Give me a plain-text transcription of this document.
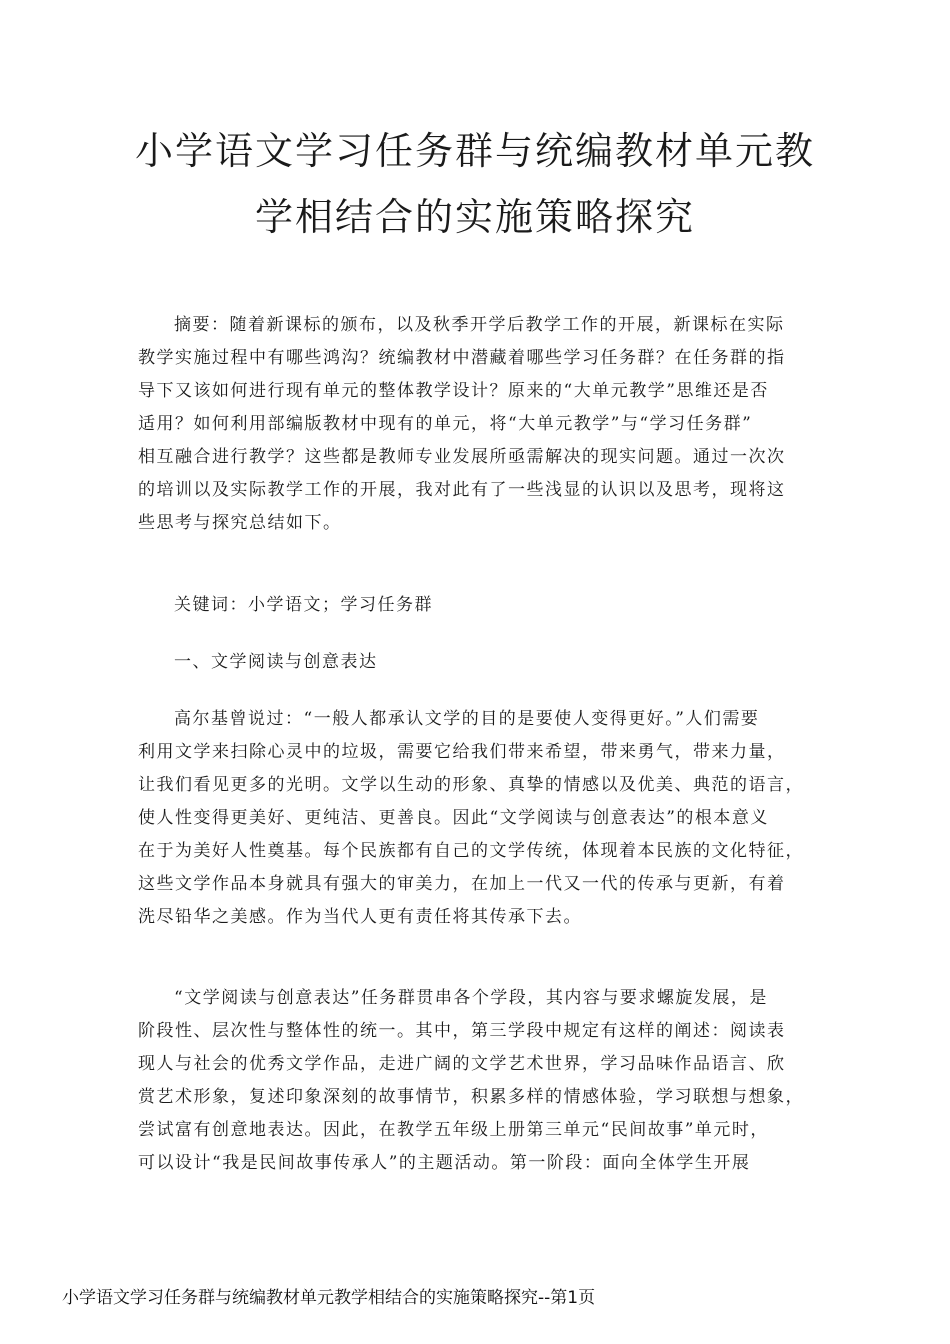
小学语文学习任务群与统编教材单元教
学相结合的实施策略探究
摘要：随着新课标的颁布，以及秋季开学后教学工作的开展，新课标在实际
教学实施过程中有哪些鸿沟？统编教材中潜藏着哪些学习任务群？在任务群的指
导下又该如何进行现有单元的整体教学设计？原来的“大单元教学”思维还是否
适用？如何利用部编版教材中现有的单元，将“大单元教学”与“学习任务群”
相互融合进行教学？这些都是教师专业发展所亟需解决的现实问题。通过一次次
的培训以及实际教学工作的开展，我对此有了一些浅显的认识以及思考，现将这
些思考与探究总结如下。
关键词：小学语文；学习任务群
一、文学阅读与创意表达
高尔基曾说过：“一般人都承认文学的目的是要使人变得更好。”人们需要
利用文学来扫除心灵中的垃圾，需要它给我们带来希望，带来勇气，带来力量，
让我们看见更多的光明。文学以生动的形象、真挚的情感以及优美、典范的语言，
使人性变得更美好、更纯洁、更善良。因此“文学阅读与创意表达”的根本意义
在于为美好人性奠基。每个民族都有自己的文学传统，体现着本民族的文化特征，
这些文学作品本身就具有强大的审美力，在加上一代又一代的传承与更新，有着
洗尽铅华之美感。作为当代人更有责任将其传承下去。
“文学阅读与创意表达”任务群贯串各个学段，其内容与要求螺旋发展，是
阶段性、层次性与整体性的统一。其中，第三学段中规定有这样的阐述：阅读表
现人与社会的优秀文学作品，走进广阔的文学艺术世界，学习品味作品语言、欣
赏艺术形象，复述印象深刻的故事情节，积累多样的情感体验，学习联想与想象，
尝试富有创意地表达。因此，在教学五年级上册第三单元“民间故事”单元时，
可以设计“我是民间故事传承人”的主题活动。第一阶段：面向全体学生开展
小学语文学习任务群与统编教材单元教学相结合的实施策略探究--第1页
